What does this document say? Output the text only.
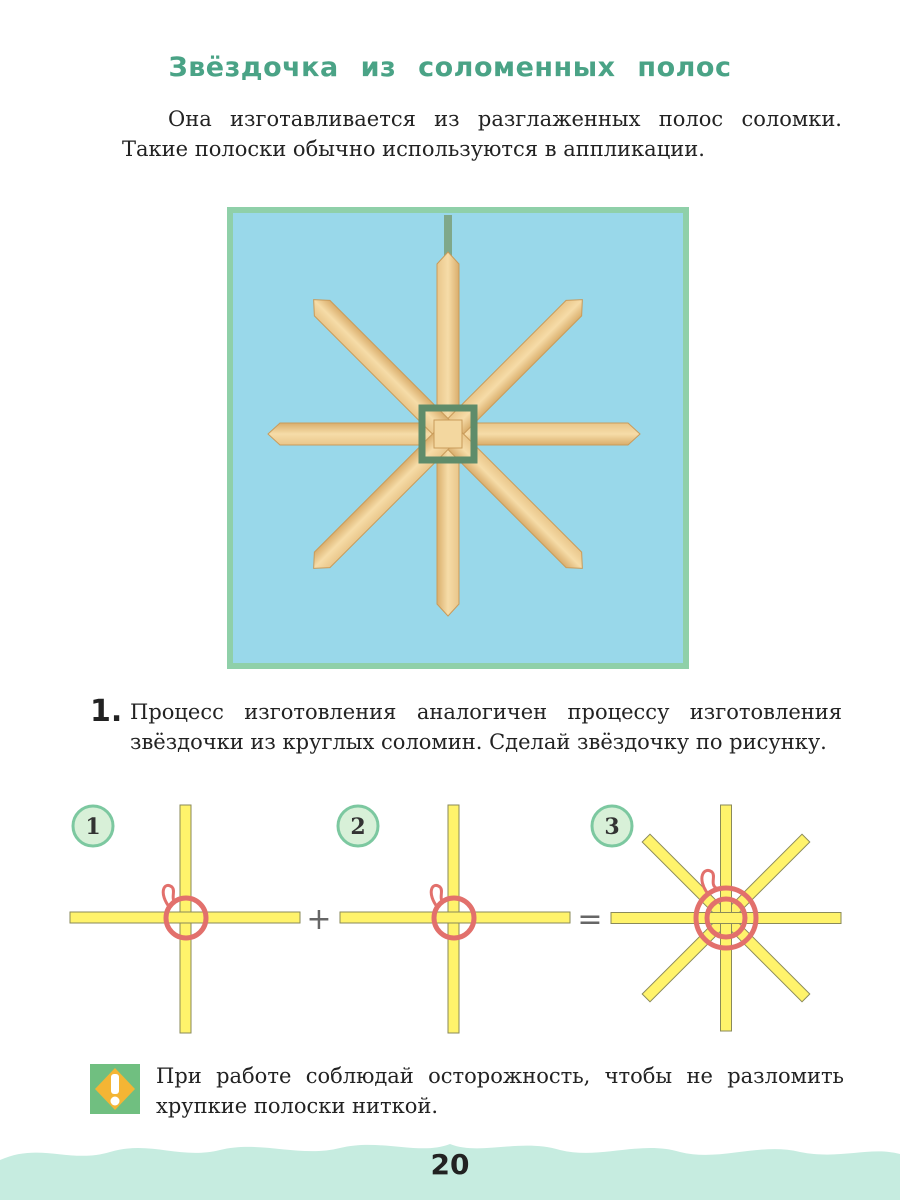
Звёздочка из соломенных полос

Она изготавливается из разглаженных полос соломки. Такие полоски обычно используются в аппликации.

1. Процесс изготовления аналогичен процессу изготовления звёздочки из круглых соломин. Сделай звёздочку по рисунку.

1	2	3
+	=

При работе соблюдай осторожность, чтобы не разломить хрупкие полоски ниткой.

20
